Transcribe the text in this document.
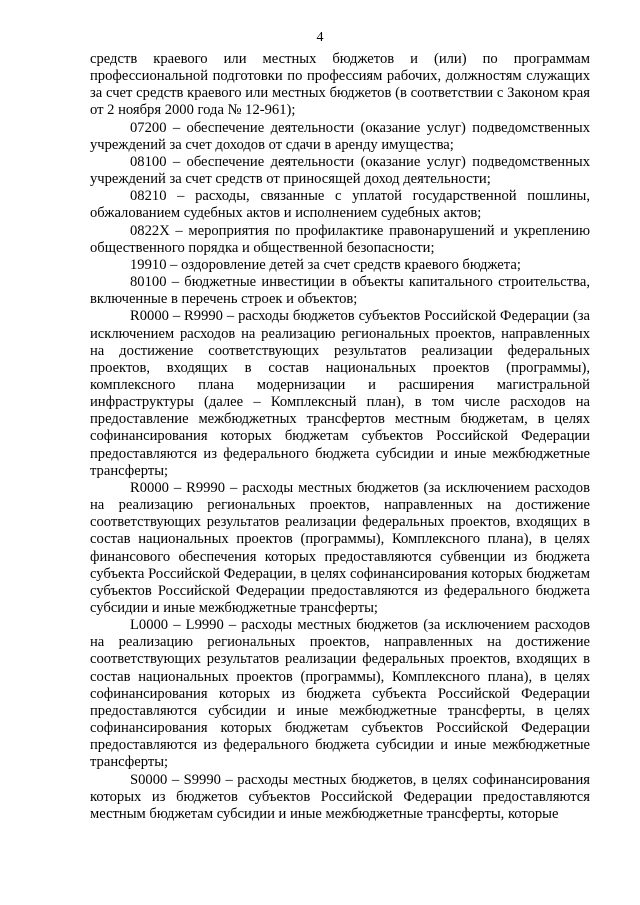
4

средств краевого или местных бюджетов и (или) по программам профессиональной подготовки по профессиям рабочих, должностям служащих за счет средств краевого или местных бюджетов (в соответствии с Законом края от 2 ноября 2000 года № 12-961);

07200 – обеспечение деятельности (оказание услуг) подведомственных учреждений за счет доходов от сдачи в аренду имущества;

08100 – обеспечение деятельности (оказание услуг) подведомственных учреждений за счет средств от приносящей доход деятельности;

08210 – расходы, связанные с уплатой государственной пошлины, обжалованием судебных актов и исполнением судебных актов;

0822X – мероприятия по профилактике правонарушений и укреплению общественного порядка и общественной безопасности;

19910 – оздоровление детей за счет средств краевого бюджета;

80100 – бюджетные инвестиции в объекты капитального строительства, включенные в перечень строек и объектов;

R0000 – R9990 – расходы бюджетов субъектов Российской Федерации (за исключением расходов на реализацию региональных проектов, направленных на достижение соответствующих результатов реализации федеральных проектов, входящих в состав национальных проектов (программы), комплексного плана модернизации и расширения магистральной инфраструктуры (далее – Комплексный план), в том числе расходов на предоставление межбюджетных трансфертов местным бюджетам, в целях софинансирования которых бюджетам субъектов Российской Федерации предоставляются из федерального бюджета субсидии и иные межбюджетные трансферты;

R0000 – R9990 – расходы местных бюджетов (за исключением расходов на реализацию региональных проектов, направленных на достижение соответствующих результатов реализации федеральных проектов, входящих в состав национальных проектов (программы), Комплексного плана), в целях финансового обеспечения которых предоставляются субвенции из бюджета субъекта Российской Федерации, в целях софинансирования которых бюджетам субъектов Российской Федерации предоставляются из федерального бюджета субсидии и иные межбюджетные трансферты;

L0000 – L9990 – расходы местных бюджетов (за исключением расходов на реализацию региональных проектов, направленных на достижение соответствующих результатов реализации федеральных проектов, входящих в состав национальных проектов (программы), Комплексного плана), в целях софинансирования которых из бюджета субъекта Российской Федерации предоставляются субсидии и иные межбюджетные трансферты, в целях софинансирования которых бюджетам субъектов Российской Федерации предоставляются из федерального бюджета субсидии и иные межбюджетные трансферты;

S0000 – S9990 – расходы местных бюджетов, в целях софинансирования которых из бюджетов субъектов Российской Федерации предоставляются местным бюджетам субсидии и иные межбюджетные трансферты, которые
